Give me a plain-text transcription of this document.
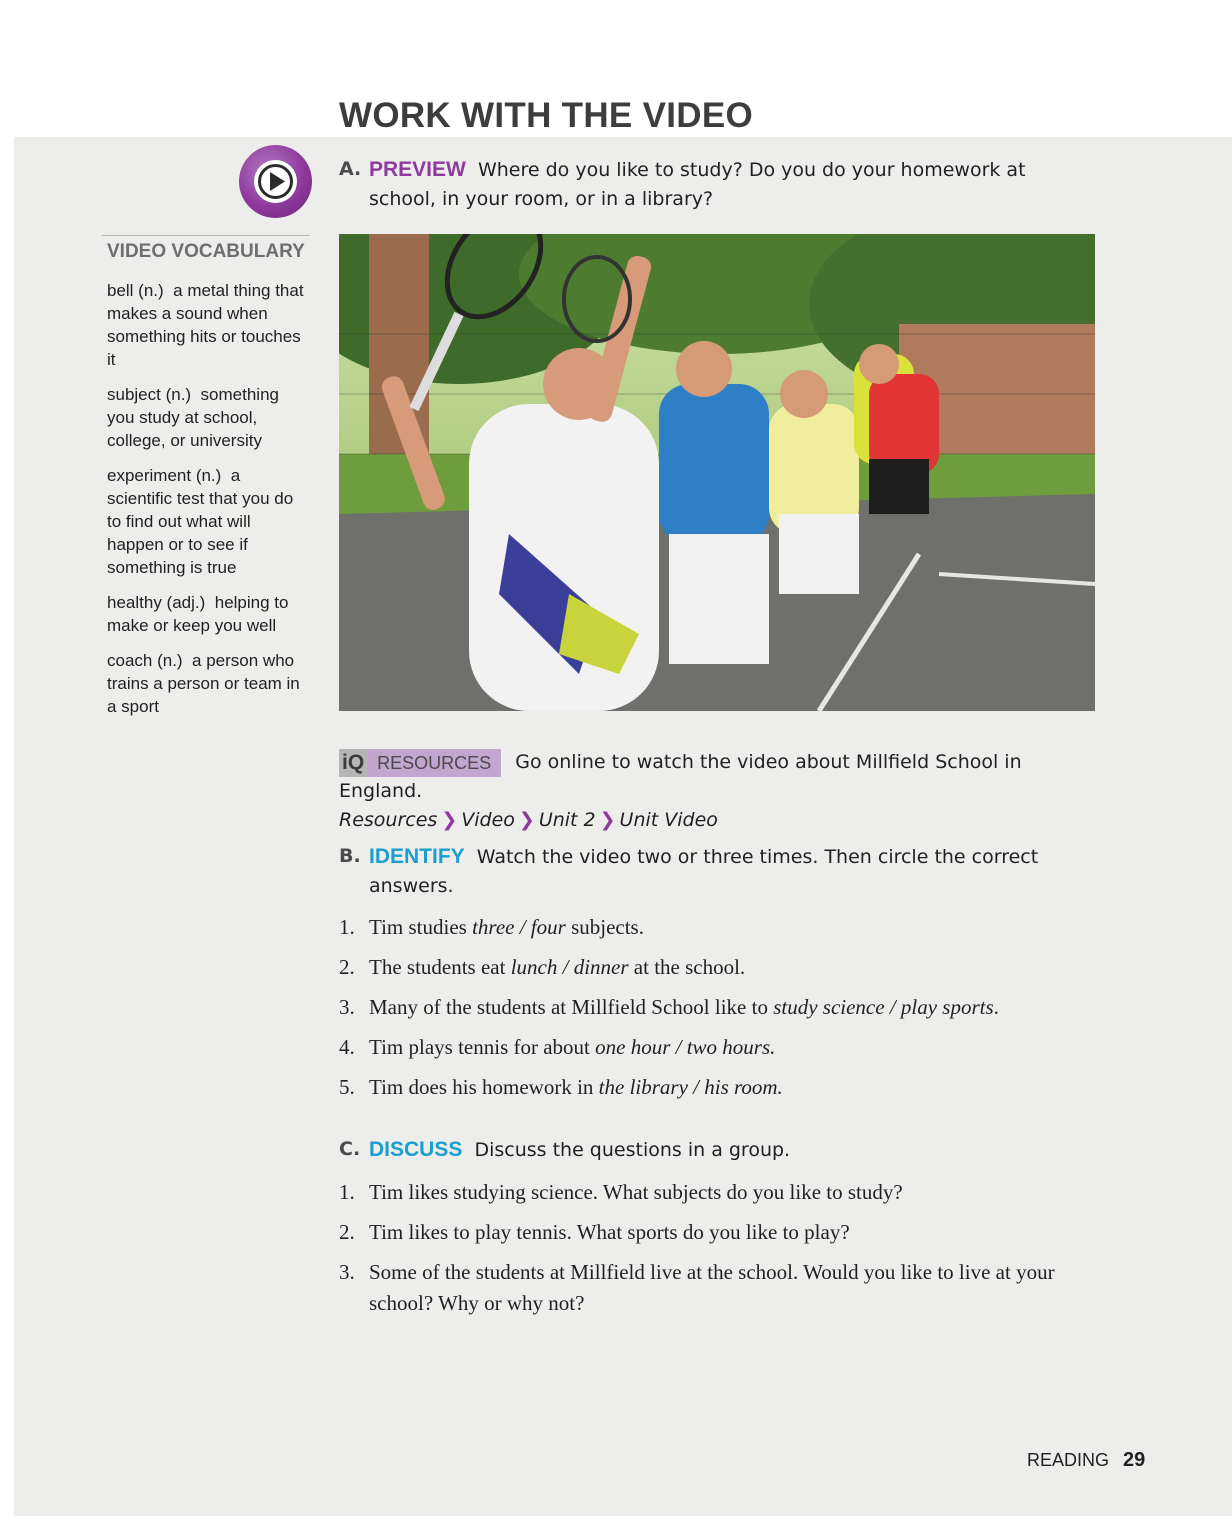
WORK WITH THE VIDEO
VIDEO VOCABULARY
bell (n.) a metal thing that makes a sound when something hits or touches it
subject (n.) something you study at school, college, or university
experiment (n.) a scientific test that you do to find out what will happen or to see if something is true
healthy (adj.) helping to make or keep you well
coach (n.) a person who trains a person or team in a sport
A. PREVIEW Where do you like to study? Do you do your homework at school, in your room, or in a library?
iQ RESOURCES Go online to watch the video about Millfield School in England.
Resources ❯ Video ❯ Unit 2 ❯ Unit Video
B. IDENTIFY Watch the video two or three times. Then circle the correct answers.
1. Tim studies three / four subjects.
2. The students eat lunch / dinner at the school.
3. Many of the students at Millfield School like to study science / play sports.
4. Tim plays tennis for about one hour / two hours.
5. Tim does his homework in the library / his room.
C. DISCUSS Discuss the questions in a group.
1. Tim likes studying science. What subjects do you like to study?
2. Tim likes to play tennis. What sports do you like to play?
3. Some of the students at Millfield live at the school. Would you like to live at your school? Why or why not?
READING 29
